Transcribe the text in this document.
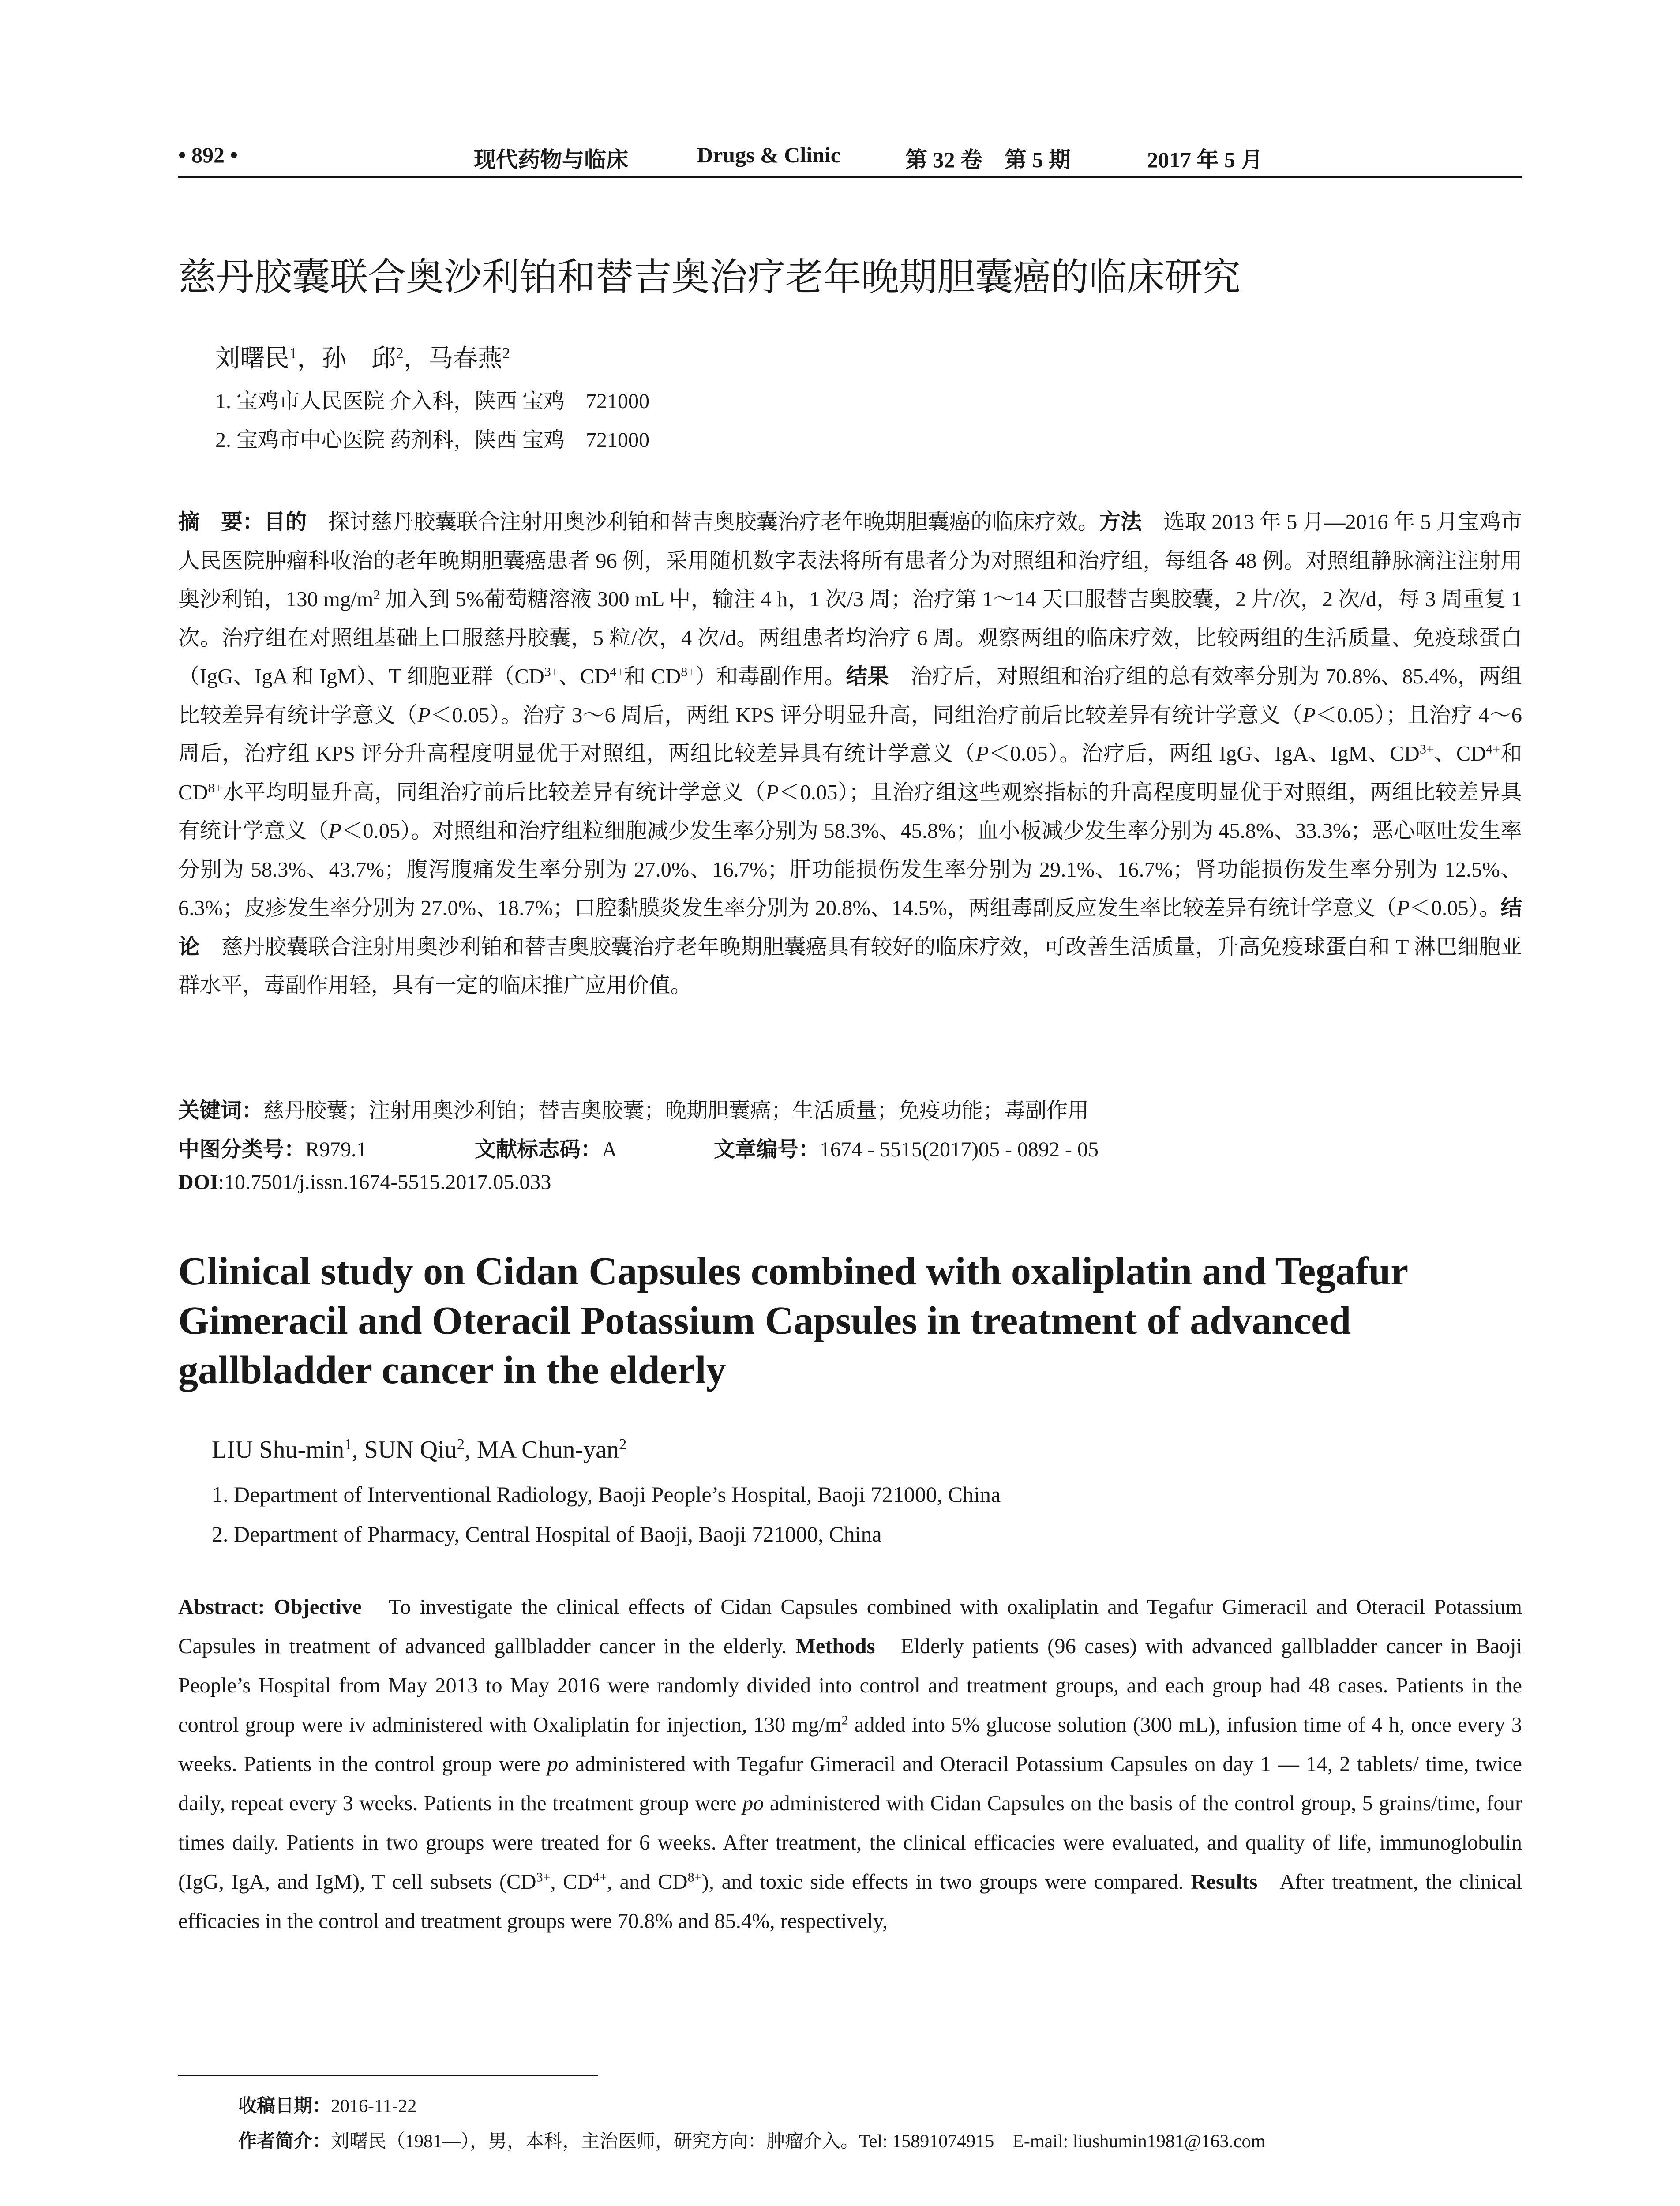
• 892 •	现代药物与临床	Drugs & Clinic	第 32 卷　第 5 期	2017 年 5 月
慈丹胶囊联合奥沙利铂和替吉奥治疗老年晚期胆囊癌的临床研究
刘曙民$^1$，孙　邱$^2$，马春燕$^2$
1. 宝鸡市人民医院 介入科，陕西 宝鸡　721000
2. 宝鸡市中心医院 药剂科，陕西 宝鸡　721000
摘　要：目的　 探讨慈丹胶囊联合注射用奥沙利铂和替吉奥胶囊治疗老年晚期胆囊癌的临床疗效。方法　 选取 2013 年 5 月—2016 年 5 月宝鸡市人民医院肿瘤科收治的老年晚期胆囊癌患者 96 例，采用随机数字表法将所有患者分为对照组和治疗组，每组各 48 例。对照组静脉滴注注射用奥沙利铂，130 $mg/m^2$ 加入到 5%葡萄糖溶液 300 mL 中，输注 4 h，1 次/3 周；治疗第 1～14 天口服替吉奥胶囊，2 片/次，2 次/d，每 3 周重复 1 次。治疗组在对照组基础上口服慈丹胶囊，5 粒/次，4 次/d。两组患者均治疗 6 周。观察两组的临床疗效，比较两组的生活质量、免疫球蛋白（IgG、IgA 和 IgM）、T 细胞亚群（$CD^{3+}$、$CD^{4+}$和 $CD^{8+}$）和毒副作用。结果　 治疗后，对照组和治疗组的总有效率分别为 70.8%、85.4%，两组比较差异有统计学意义（P＜0.05）。治疗 3～6 周后，两组 KPS 评分明显升高，同组治疗前后比较差异有统计学意义（P＜0.05）；且治疗 4～6 周后，治疗组 KPS 评分升高程度明显优于对照组，两组比较差异具有统计学意义（P＜0.05）。治疗后，两组 IgG、IgA、IgM、$CD^{3+}$、$CD^{4+}$和 $CD^{8+}$水平均明显升高，同组治疗前后比较差异有统计学意义（P＜0.05）；且治疗组这些观察指标的升高程度明显优于对照组，两组比较差异具有统计学意义（P＜0.05）。对照组和治疗组粒细胞减少发生率分别为 58.3%、45.8%；血小板减少发生率分别为 45.8%、33.3%；恶心呕吐发生率分别为 58.3%、43.7%；腹泻腹痛发生率分别为 27.0%、16.7%；肝功能损伤发生率分别为 29.1%、16.7%；肾功能损伤发生率分别为 12.5%、6.3%；皮疹发生率分别为 27.0%、18.7%；口腔黏膜炎发生率分别为 20.8%、14.5%，两组毒副反应发生率比较差异有统计学意义（P＜0.05）。结论　 慈丹胶囊联合注射用奥沙利铂和替吉奥胶囊治疗老年晚期胆囊癌具有较好的临床疗效，可改善生活质量，升高免疫球蛋白和 T 淋巴细胞亚群水平，毒副作用轻，具有一定的临床推广应用价值。
关键词：慈丹胶囊；注射用奥沙利铂；替吉奥胶囊；晚期胆囊癌；生活质量；免疫功能；毒副作用
中图分类号：R979.1	文献标志码：A	文章编号：1674 - 5515(2017)05 - 0892 - 05
DOI:10.7501/j.issn.1674-5515.2017.05.033
Clinical study on Cidan Capsules combined with oxaliplatin and Tegafur Gimeracil and Oteracil Potassium Capsules in treatment of advanced gallbladder cancer in the elderly
LIU Shu-$\min^1$, SUN Qiu$^2$, MA Chun-yan$^2$
1. Department of Interventional Radiology, Baoji People’s Hospital, Baoji 721000, China
2. Department of Pharmacy, Central Hospital of Baoji, Baoji 721000, China
Abstract: Objective To investigate the clinical effects of Cidan Capsules combined with oxaliplatin and Tegafur Gimeracil and Oteracil Potassium Capsules in treatment of advanced gallbladder cancer in the elderly. Methods Elderly patients (96 cases) with advanced gallbladder cancer in Baoji People’s Hospital from May 2013 to May 2016 were randomly divided into control and treatment groups, and each group had 48 cases. Patients in the control group were iv administered with Oxaliplatin for injection, 130 $mg/m^2$ added into 5% glucose solution (300 mL), infusion time of 4 h, once every 3 weeks. Patients in the control group were po administered with Tegafur Gimeracil and Oteracil Potassium Capsules on day 1 — 14, 2 tablets/ time, twice daily, repeat every 3 weeks. Patients in the treatment group were po administered with Cidan Capsules on the basis of the control group, 5 grains/time, four times daily. Patients in two groups were treated for 6 weeks. After treatment, the clinical efficacies were evaluated, and quality of life, immunoglobulin (IgG, IgA, and IgM), T cell subsets ($CD^{3+}$, $CD^{4+}$, and $CD^{8+}$), and toxic side effects in two groups were compared. Results After treatment, the clinical efficacies in the control and treatment groups were 70.8% and 85.4%, respectively,
收稿日期：2016-11-22
作者简介：刘曙民（1981—），男，本科，主治医师，研究方向：肿瘤介入。Tel: 15891074915　E-mail: liushumin1981@163.com
